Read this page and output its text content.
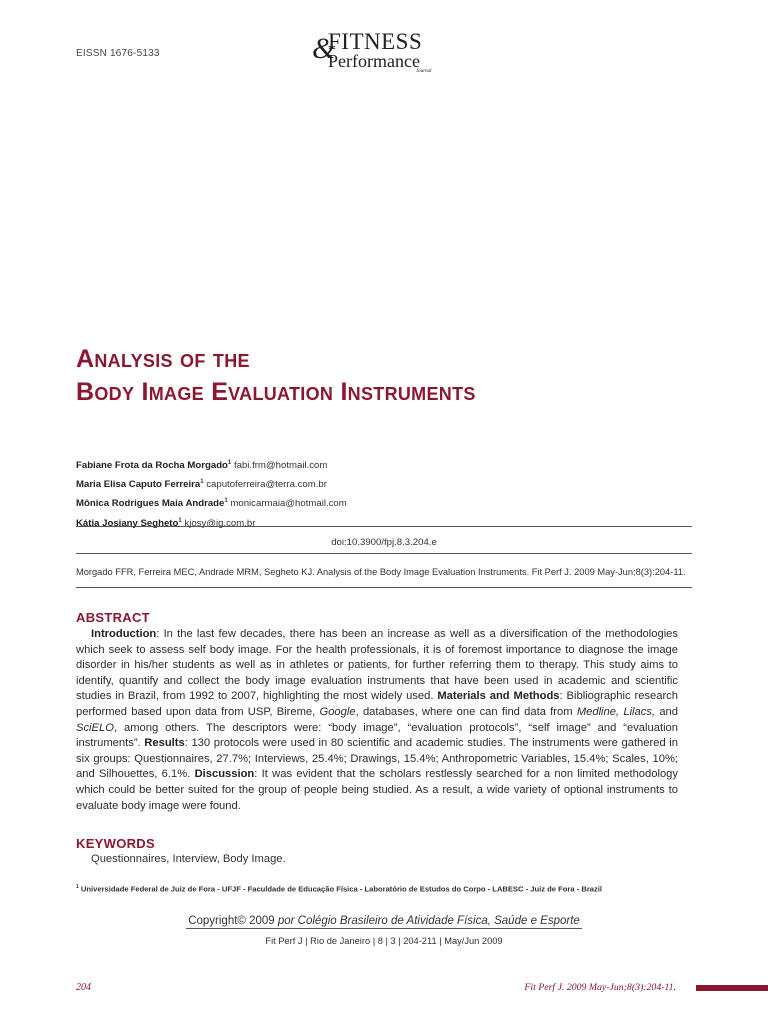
EISSN 1676-5133	&
FITNESS
Performance
Journal
Analysis of the
Body Image Evaluation Instruments
Fabiane Frota da Rocha Morgado$^1$ fabi.frm@hotmail.com
Maria Elisa Caputo Ferreira$^1$ caputoferreira@terra.com.br
Mônica Rodrigues Maia Andrade$^1$ monicarmaia@hotmail.com
Kátia Josiany Segheto$^1$ kjosy@ig.com.br
doi:10.3900/fpj.8.3.204.e
Morgado FFR, Ferreira MEC, Andrade MRM, Segheto KJ. Analysis of the Body Image Evaluation Instruments. Fit Perf J. 2009 May-Jun;8(3):204-11.
ABSTRACT

Introduction: In the last few decades, there has been an increase as well as a diversification of the methodologies which seek to assess self body image. For the health professionals, it is of foremost importance to diagnose the image disorder in his/her students as well as in athletes or patients, for further referring them to therapy. This study aims to identify, quantify and collect the body image evaluation instruments that have been used in academic and scientific studies in Brazil, from 1992 to 2007, highlighting the most widely used. Materials and Methods: Bibliographic research performed based upon data from USP, Bireme, Google, databases, where one can find data from Medline, Lilacs, and SciELO, among others. The descriptors were: “body image”, “evaluation protocols”, “self image” and “evaluation instruments”. Results: 130 protocols were used in 80 scientific and academic studies. The instruments were gathered in six groups: Questionnaires, 27.7%; Interviews, 25.4%; Drawings, 15.4%; Anthropometric Variables, 15.4%; Scales, 10%; and Silhouettes, 6.1%. Discussion: It was evident that the scholars restlessly searched for a non limited methodology which could be better suited for the group of people being studied. As a result, a wide variety of optional instruments to evaluate body image were found.

KEYWORDS
Questionnaires, Interview, Body Image.
$^1$ Universidade Federal de Juiz de Fora - UFJF - Faculdade de Educação Física - Laboratório de Estudos do Corpo - LABESC - Juiz de Fora - Brazil
Copyright© 2009 por Colégio Brasileiro de Atividade Física, Saúde e Esporte
Fit Perf J | Rio de Janeiro | 8 | 3 | 204-211 | May/Jun 2009
204	Fit Perf J. 2009 May-Jun;8(3):204-11.
